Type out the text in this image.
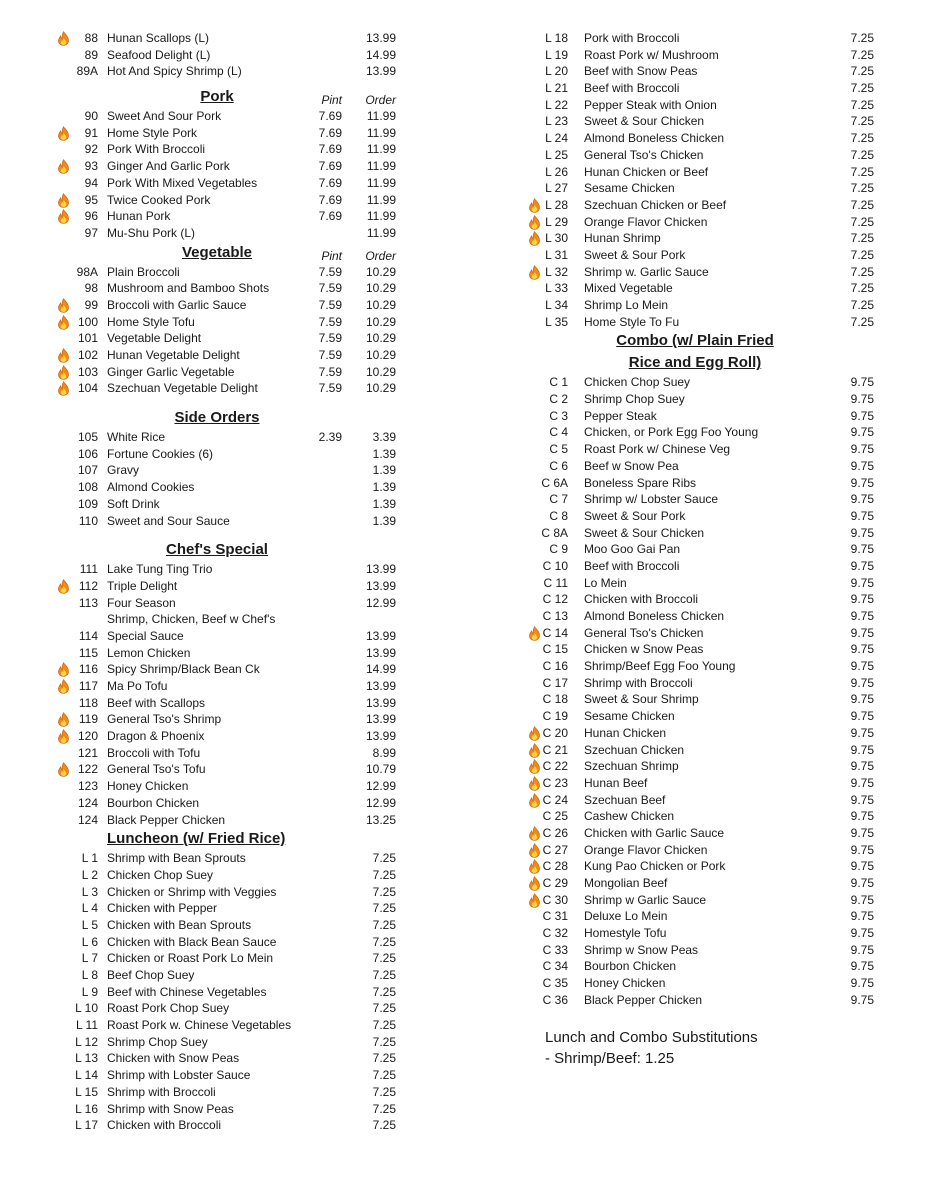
88 Hunan Scallops (L)	13.99
89 Seafood Delight (L)	14.99
89A Hot And Spicy Shrimp (L)	13.99
Pork	Pint	Order
90 Sweet And Sour Pork	7.69	11.99
91 Home Style Pork	7.69	11.99
92 Pork With Broccoli	7.69	11.99
93 Ginger And Garlic Pork	7.69	11.99
94 Pork With Mixed Vegetables	7.69	11.99
95 Twice Cooked Pork	7.69	11.99
96 Hunan Pork	7.69	11.99
97 Mu-Shu Pork (L)	11.99
Vegetable	Pint	Order
98A Plain Broccoli	7.59	10.29
98 Mushroom and Bamboo Shots	7.59	10.29
99 Broccoli with Garlic Sauce	7.59	10.29
100 Home Style Tofu	7.59	10.29
101 Vegetable Delight	7.59	10.29
102 Hunan Vegetable Delight	7.59	10.29
103 Ginger Garlic Vegetable	7.59	10.29
104 Szechuan Vegetable Delight	7.59	10.29
Side Orders
105 White Rice	2.39	3.39
106 Fortune Cookies (6)	1.39
107 Gravy	1.39
108 Almond Cookies	1.39
109 Soft Drink	1.39
110 Sweet and Sour Sauce	1.39
Chef's Special
111 Lake Tung Ting Trio	13.99
112 Triple Delight	13.99
113 Four Season	12.99
Shrimp, Chicken, Beef w Chef's
114 Special Sauce	13.99
115 Lemon Chicken	13.99
116 Spicy Shrimp/Black Bean Ck	14.99
117 Ma Po Tofu	13.99
118 Beef with Scallops	13.99
119 General Tso's Shrimp	13.99
120 Dragon & Phoenix	13.99
121 Broccoli with Tofu	8.99
122 General Tso's Tofu	10.79
123 Honey Chicken	12.99
124 Bourbon Chicken	12.99
124 Black Pepper Chicken	13.25
Luncheon (w/ Fried Rice)
L 1 Shrimp with Bean Sprouts	7.25
L 2 Chicken Chop Suey	7.25
L 3 Chicken or Shrimp with Veggies	7.25
L 4 Chicken with Pepper	7.25
L 5 Chicken with Bean Sprouts	7.25
L 6 Chicken with Black Bean Sauce	7.25
L 7 Chicken or Roast Pork Lo Mein	7.25
L 8 Beef Chop Suey	7.25
L 9 Beef with Chinese Vegetables	7.25
L 10 Roast Pork Chop Suey	7.25
L 11 Roast Pork w. Chinese Vegetables	7.25
L 12 Shrimp Chop Suey	7.25
L 13 Chicken with Snow Peas	7.25
L 14 Shrimp with Lobster Sauce	7.25
L 15 Shrimp with Broccoli	7.25
L 16 Shrimp with Snow Peas	7.25
L 17 Chicken with Broccoli	7.25
L 18 Pork with Broccoli	7.25
L 19 Roast Pork w/ Mushroom	7.25
L 20 Beef with Snow Peas	7.25
L 21 Beef with Broccoli	7.25
L 22 Pepper Steak with Onion	7.25
L 23 Sweet & Sour Chicken	7.25
L 24 Almond Boneless Chicken	7.25
L 25 General Tso's Chicken	7.25
L 26 Hunan Chicken or Beef	7.25
L 27 Sesame Chicken	7.25
L 28 Szechuan Chicken or Beef	7.25
L 29 Orange Flavor Chicken	7.25
L 30 Hunan Shrimp	7.25
L 31 Sweet & Sour Pork	7.25
L 32 Shrimp w. Garlic Sauce	7.25
L 33 Mixed Vegetable	7.25
L 34 Shrimp Lo Mein	7.25
L 35 Home Style To Fu	7.25
Combo (w/ Plain Fried
Rice and Egg Roll)
C 1 Chicken Chop Suey	9.75
C 2 Shrimp Chop Suey	9.75
C 3 Pepper Steak	9.75
C 4 Chicken, or Pork Egg Foo Young	9.75
C 5 Roast Pork w/ Chinese Veg	9.75
C 6 Beef w Snow Pea	9.75
C 6A Boneless Spare Ribs	9.75
C 7 Shrimp w/ Lobster Sauce	9.75
C 8 Sweet & Sour Pork	9.75
C 8A Sweet & Sour Chicken	9.75
C 9 Moo Goo Gai Pan	9.75
C 10 Beef with Broccoli	9.75
C 11 Lo Mein	9.75
C 12 Chicken with Broccoli	9.75
C 13 Almond Boneless Chicken	9.75
C 14 General Tso's Chicken	9.75
C 15 Chicken w Snow Peas	9.75
C 16 Shrimp/Beef Egg Foo Young	9.75
C 17 Shrimp with Broccoli	9.75
C 18 Sweet & Sour Shrimp	9.75
C 19 Sesame Chicken	9.75
C 20 Hunan Chicken	9.75
C 21 Szechuan Chicken	9.75
C 22 Szechuan Shrimp	9.75
C 23 Hunan Beef	9.75
C 24 Szechuan Beef	9.75
C 25 Cashew Chicken	9.75
C 26 Chicken with Garlic Sauce	9.75
C 27 Orange Flavor Chicken	9.75
C 28 Kung Pao Chicken or Pork	9.75
C 29 Mongolian Beef	9.75
C 30 Shrimp w Garlic Sauce	9.75
C 31 Deluxe Lo Mein	9.75
C 32 Homestyle Tofu	9.75
C 33 Shrimp w Snow Peas	9.75
C 34 Bourbon Chicken	9.75
C 35 Honey Chicken	9.75
C 36 Black Pepper Chicken	9.75
Lunch and Combo Substitutions
- Shrimp/Beef: 1.25
